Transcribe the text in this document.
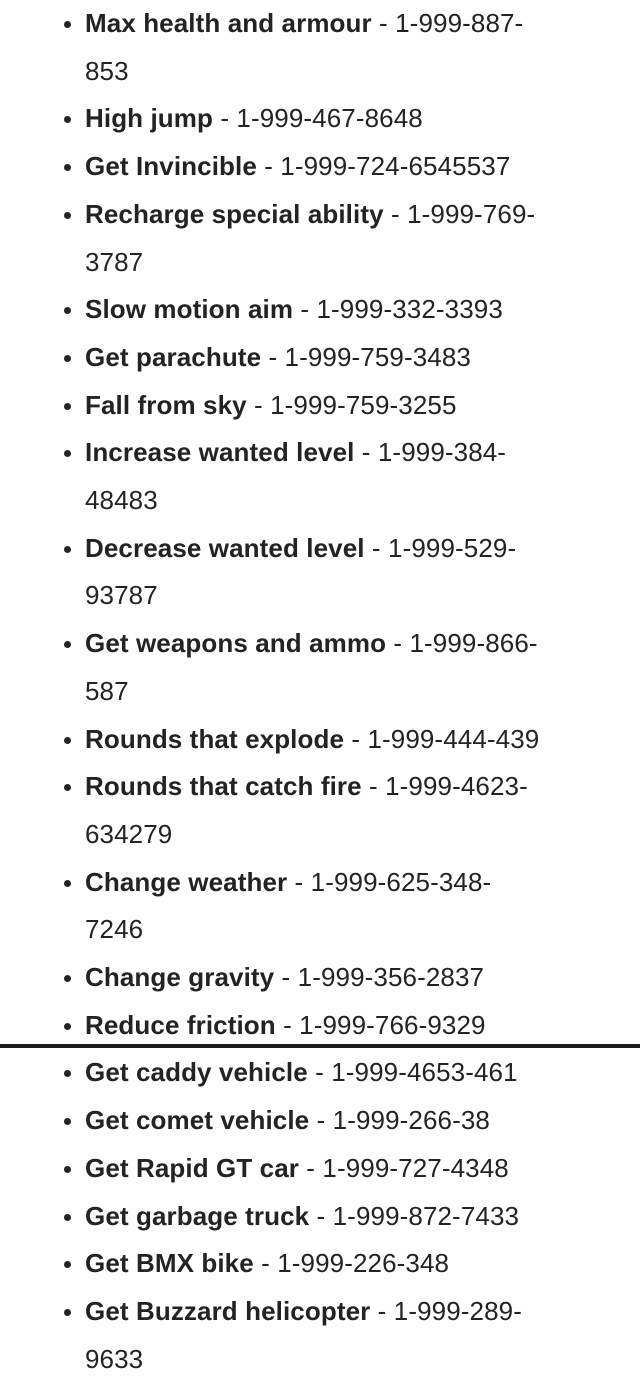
• Max health and armour - 1-999-887-853
• High jump - 1-999-467-8648
• Get Invincible - 1-999-724-6545537
• Recharge special ability - 1-999-769-3787
• Slow motion aim - 1-999-332-3393
• Get parachute - 1-999-759-3483
• Fall from sky - 1-999-759-3255
• Increase wanted level - 1-999-384-48483
• Decrease wanted level - 1-999-529-93787
• Get weapons and ammo - 1-999-866-587
• Rounds that explode - 1-999-444-439
• Rounds that catch fire - 1-999-4623-634279
• Change weather - 1-999-625-348-7246
• Change gravity - 1-999-356-2837
• Reduce friction - 1-999-766-9329
• Get caddy vehicle - 1-999-4653-461
• Get comet vehicle - 1-999-266-38
• Get Rapid GT car - 1-999-727-4348
• Get garbage truck - 1-999-872-7433
• Get BMX bike - 1-999-226-348
• Get Buzzard helicopter - 1-999-289-9633
